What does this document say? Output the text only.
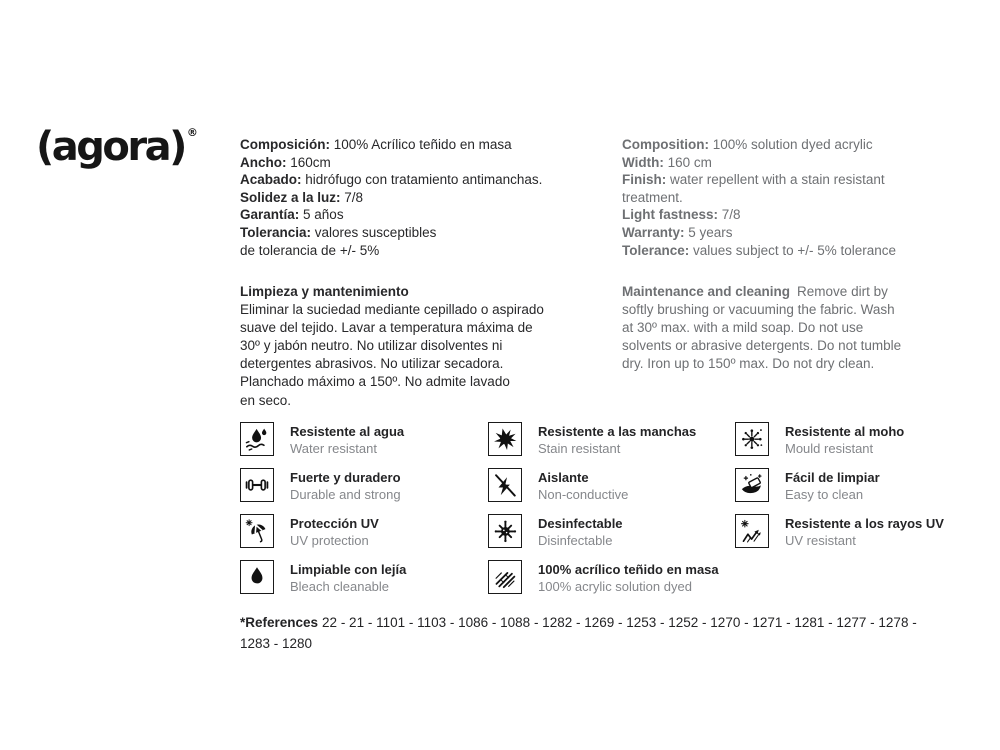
(agora) ®
Composición: 100% Acrílico teñido en masa
Ancho: 160cm
Acabado: hidrófugo con tratamiento antimanchas.
Solidez a la luz: 7/8
Garantía: 5 años
Tolerancia: valores susceptibles
de tolerancia de +/- 5%
Composition: 100% solution dyed acrylic
Width: 160 cm
Finish: water repellent with a stain resistant
treatment.
Light fastness: 7/8
Warranty: 5 years
Tolerance: values subject to +/- 5% tolerance
Limpieza y mantenimiento
Eliminar la suciedad mediante cepillado o aspirado
suave del tejido. Lavar a temperatura máxima de
30º y jabón neutro. No utilizar disolventes ni
detergentes abrasivos. No utilizar secadora.
Planchado máximo a 150º. No admite lavado
en seco.
Maintenance and cleaning Remove dirt by
softly brushing or vacuuming the fabric. Wash
at 30º max. with a mild soap. Do not use
solvents or abrasive detergents. Do not tumble
dry. Iron up to 150º max. Do not dry clean.
Resistente al agua
Water resistant
Fuerte y duradero
Durable and strong
Protección UV
UV protection
Limpiable con lejía
Bleach cleanable
Resistente a las manchas
Stain resistant
Aislante
Non-conductive
Desinfectable
Disinfectable
100% acrílico teñido en masa
100% acrylic solution dyed
Resistente al moho
Mould resistant
Fácil de limpiar
Easy to clean
Resistente a los rayos UV
UV resistant
*References 22 - 21 - 1101 - 1103 - 1086 - 1088 - 1282 - 1269 - 1253 - 1252 - 1270 - 1271 - 1281 - 1277 - 1278 -
1283 - 1280
